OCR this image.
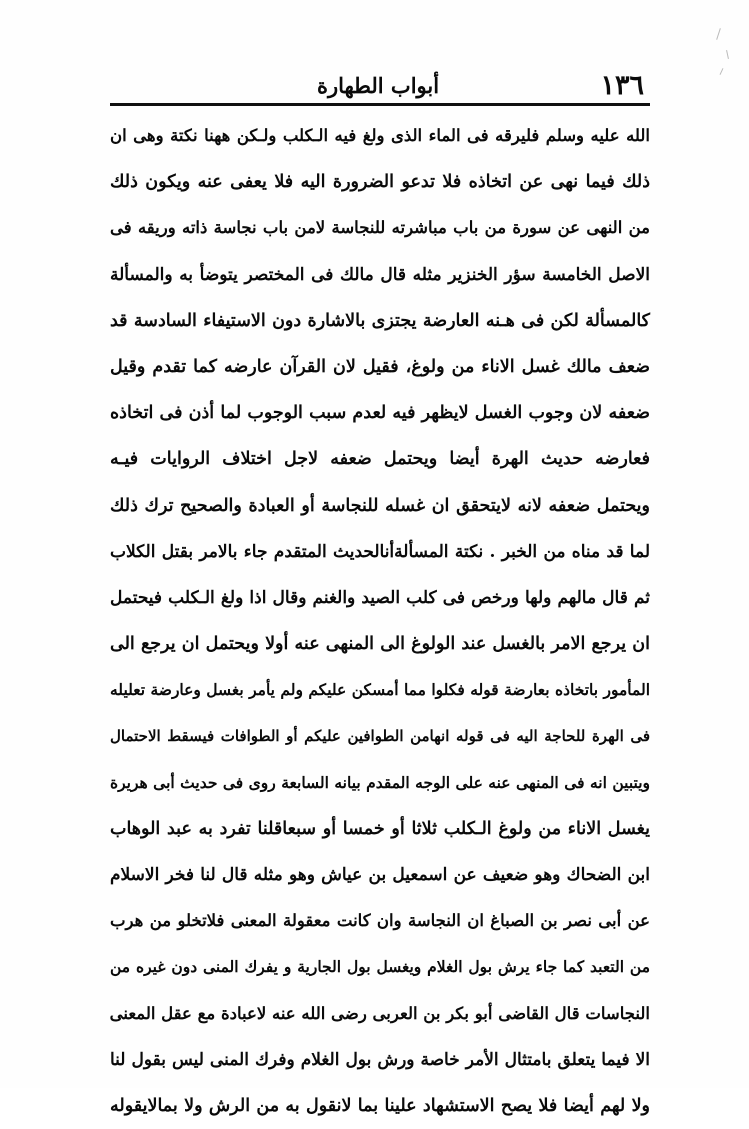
١٣٦
أبواب الطهارة
الله عليه وسلم فليرقه فى الماء الذى ولغ فيه الـكلب ولـكن ههنا نكتة وهى ان
ذلك فيما نهى عن اتخاذه فلا تدعو الضرورة اليه فلا يعفى عنه ويكون ذلك
من النهى عن سورة من باب مباشرته للنجاسة لامن باب نجاسة ذاته وريقه فى
الاصل الخامسة سؤر الخنزير مثله قال مالك فى المختصر يتوضأ به والمسألة
كالمسألة لكن فى هـنه العارضة يجتزى بالاشارة دون الاستيفاء السادسة قد
ضعف مالك غسل الاناء من ولوغ، فقيل لان القرآن عارضه كما تقدم وقيل
ضعفه لان وجوب الغسل لايظهر فيه لعدم سبب الوجوب لما أذن فى اتخاذه
فعارضه حديث الهرة أيضا ويحتمل ضعفه لاجل اختلاف الروايات فيـه
ويحتمل ضعفه لانه لايتحقق ان غسله للنجاسة أو العبادة والصحيح ترك ذلك
لما قد مناه من الخبر . نكتة المسألةأنالحديث المتقدم جاء بالامر بقتل الكلاب
ثم قال مالهم ولها ورخص فى كلب الصيد والغنم وقال اذا ولغ الـكلب فيحتمل
ان يرجع الامر بالغسل عند الولوغ الى المنهى عنه أولا ويحتمل ان يرجع الى
المأمور باتخاذه بعارضة قوله فكلوا مما أمسكن عليكم ولم يأمر بغسل وعارضة تعليله
فى الهرة للحاجة اليه فى قوله انهامن الطوافين عليكم أو الطوافات فيسقط الاحتمال
ويتبين انه فى المنهى عنه على الوجه المقدم بيانه السابعة روى فى حديث أبى هريرة
يغسل الاناء من ولوغ الـكلب ثلاثا أو خمسا أو سبعاقلنا تفرد به عبد الوهاب
ابن الضحاك وهو ضعيف عن اسمعيل بن عياش وهو مثله قال لنا فخر الاسلام
عن أبى نصر بن الصباغ ان النجاسة وان كانت معقولة المعنى فلاتخلو من هرب
من التعبد كما جاء يرش بول الغلام ويغسل بول الجارية و يفرك المنى دون غيره من
النجاسات قال القاضى أبو بكر بن العربى رضى الله عنه لاعبادة مع عقل المعنى
الا فيما يتعلق بامتثال الأمر خاصة ورش بول الغلام وفرك المنى ليس بقول لنا
ولا لهم أيضا فلا يصح الاستشهاد علينا بما لانقول به من الرش ولا بمالايقوله
